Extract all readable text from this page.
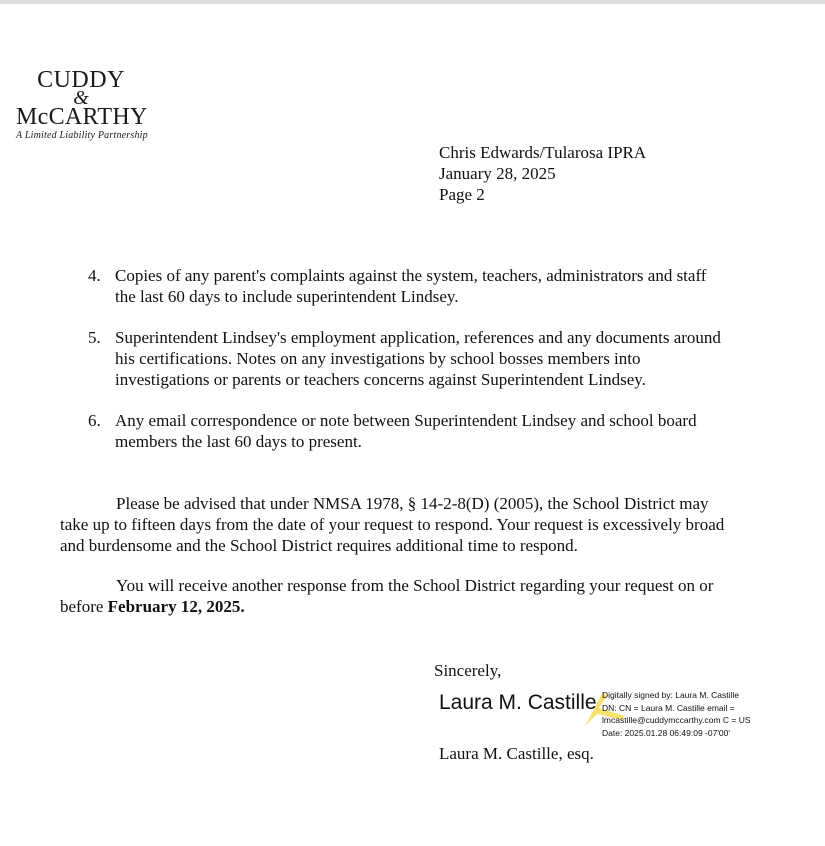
CUDDY
&
McCARTHY
A Limited Liability Partnership
Chris Edwards/Tularosa IPRA
January 28, 2025
Page 2
4. Copies of any parent's complaints against the system, teachers, administrators and staff
the last 60 days to include superintendent Lindsey.
5. Superintendent Lindsey's employment application, references and any documents around
his certifications. Notes on any investigations by school bosses members into
investigations or parents or teachers concerns against Superintendent Lindsey.
6. Any email correspondence or note between Superintendent Lindsey and school board
members the last 60 days to present.
Please be advised that under NMSA 1978, § 14-2-8(D) (2005), the School District may
take up to fifteen days from the date of your request to respond. Your request is excessively broad
and burdensome and the School District requires additional time to respond.
You will receive another response from the School District regarding your request on or
before February 12, 2025.
Sincerely,
Laura M. Castille Digitally signed by: Laura M. Castille
DN: CN = Laura M. Castille email =
lmcastille@cuddymccarthy.com C = US
Date: 2025.01.28 06:49:09 -07'00'
Laura M. Castille, esq.
